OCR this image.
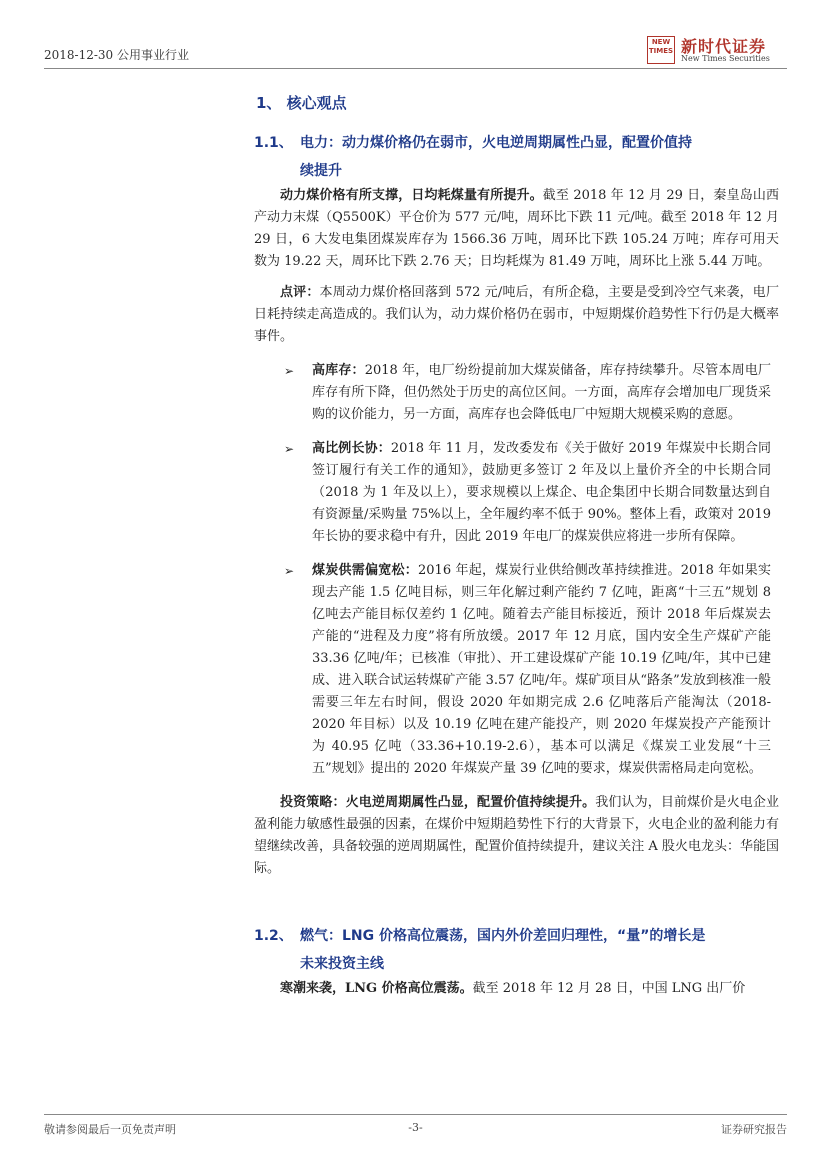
2018-12-30 公用事业行业
NEW TIMES 新时代证券
New Times Securities
1、 核心观点
1.1、 电力：动力煤价格仍在弱市，火电逆周期属性凸显，配置价值持
续提升

动力煤价格有所支撑，日均耗煤量有所提升。截至 2018 年 12 月 29 日，秦皇岛山西产动力末煤（Q5500K）平仓价为 577 元/吨，周环比下跌 11 元/吨。截至 2018 年 12 月 29 日，6 大发电集团煤炭库存为 1566.36 万吨，周环比下跌 105.24 万吨；库存可用天数为 19.22 天，周环比下跌 2.76 天；日均耗煤为 81.49 万吨，周环比上涨 5.44 万吨。

点评：本周动力煤价格回落到 572 元/吨后，有所企稳，主要是受到冷空气来袭，电厂日耗持续走高造成的。我们认为，动力煤价格仍在弱市，中短期煤价趋势性下行仍是大概率事件。

➢ 高库存：2018 年，电厂纷纷提前加大煤炭储备，库存持续攀升。尽管本周电厂库存有所下降，但仍然处于历史的高位区间。一方面，高库存会增加电厂现货采购的议价能力，另一方面，高库存也会降低电厂中短期大规模采购的意愿。
➢ 高比例长协：2018 年 11 月，发改委发布《关于做好 2019 年煤炭中长期合同签订履行有关工作的通知》，鼓励更多签订 2 年及以上量价齐全的中长期合同（2018 为 1 年及以上），要求规模以上煤企、电企集团中长期合同数量达到自有资源量/采购量 75%以上，全年履约率不低于 90%。整体上看，政策对 2019 年长协的要求稳中有升，因此 2019 年电厂的煤炭供应将进一步所有保障。
➢ 煤炭供需偏宽松：2016 年起，煤炭行业供给侧改革持续推进。2018 年如果实现去产能 1.5 亿吨目标，则三年化解过剩产能约 7 亿吨，距离“十三五”规划 8 亿吨去产能目标仅差约 1 亿吨。随着去产能目标接近，预计 2018 年后煤炭去产能的“进程及力度”将有所放缓。2017 年 12 月底，国内安全生产煤矿产能 33.36 亿吨/年；已核准（审批）、开工建设煤矿产能 10.19 亿吨/年，其中已建成、进入联合试运转煤矿产能 3.57 亿吨/年。煤矿项目从“路条”发放到核准一般需要三年左右时间，假设 2020 年如期完成 2.6 亿吨落后产能淘汰（2018-2020 年目标）以及 10.19 亿吨在建产能投产，则 2020 年煤炭投产产能预计为 40.95 亿吨（33.36+10.19-2.6），基本可以满足《煤炭工业发展“十三五”规划》提出的 2020 年煤炭产量 39 亿吨的要求，煤炭供需格局走向宽松。

投资策略：火电逆周期属性凸显，配置价值持续提升。我们认为，目前煤价是火电企业盈利能力敏感性最强的因素，在煤价中短期趋势性下行的大背景下，火电企业的盈利能力有望继续改善，具备较强的逆周期属性，配置价值持续提升，建议关注 A 股火电龙头：华能国际。

1.2、 燃气：LNG 价格高位震荡，国内外价差回归理性，“量”的增长是
未来投资主线

寒潮来袭，LNG 价格高位震荡。截至 2018 年 12 月 28 日，中国 LNG 出厂价

敬请参阅最后一页免责声明	-3-	证券研究报告
